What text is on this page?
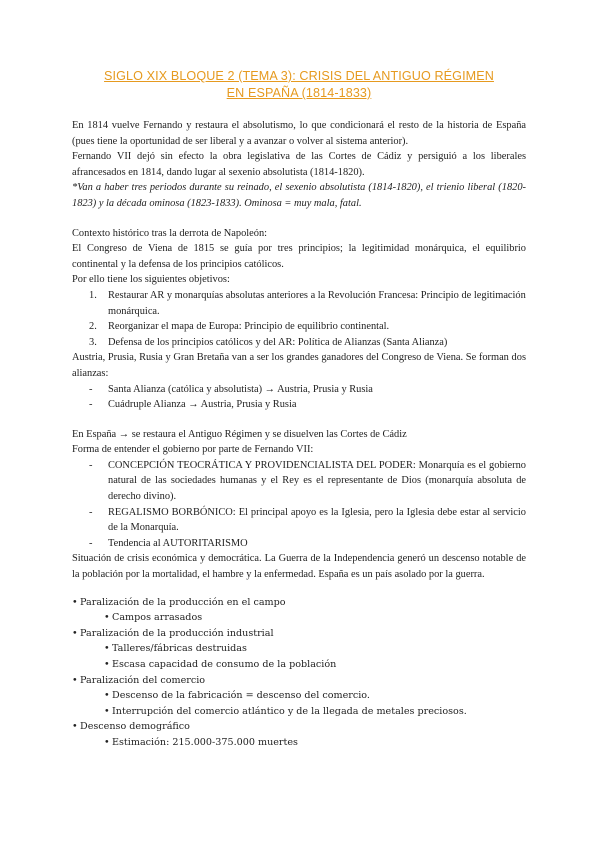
SIGLO XIX BLOQUE 2 (TEMA 3): CRISIS DEL ANTIGUO RÉGIMEN
EN ESPAÑA (1814-1833)

En 1814 vuelve Fernando y restaura el absolutismo, lo que condicionará el resto de la historia de España (pues tiene la oportunidad de ser liberal y a avanzar o volver al sistema anterior).

Fernando VII dejó sin efecto la obra legislativa de las Cortes de Cádiz y persiguió a los liberales afrancesados en 1814, dando lugar al sexenio absolutista (1814-1820).

*Van a haber tres periodos durante su reinado, el sexenio absolutista (1814-1820), el trienio liberal (1820-1823) y la década ominosa (1823-1833). Ominosa = muy mala, fatal.

Contexto histórico tras la derrota de Napoleón:

El Congreso de Viena de 1815 se guía por tres principios; la legitimidad monárquica, el equilibrio continental y la defensa de los principios católicos.

Por ello tiene los siguientes objetivos:

1. Restaurar AR y monarquías absolutas anteriores a la Revolución Francesa: Principio de legitimación monárquica.
2. Reorganizar el mapa de Europa: Principio de equilibrio continental.
3. Defensa de los principios católicos y del AR: Política de Alianzas (Santa Alianza)

Austria, Prusia, Rusia y Gran Bretaña van a ser los grandes ganadores del Congreso de Viena. Se forman dos alianzas:

- Santa Alianza (católica y absolutista) → Austria, Prusia y Rusia
- Cuádruple Alianza → Austria, Prusia y Rusia

En España → se restaura el Antiguo Régimen y se disuelven las Cortes de Cádiz

Forma de entender el gobierno por parte de Fernando VII:

- CONCEPCIÓN TEOCRÁTICA Y PROVIDENCIALISTA DEL PODER: Monarquía es el gobierno natural de las sociedades humanas y el Rey es el representante de Dios (monarquía absoluta de derecho divino).
- REGALISMO BORBÓNICO: El principal apoyo es la Iglesia, pero la Iglesia debe estar al servicio de la Monarquía.
- Tendencia al AUTORITARISMO

Situación de crisis económica y democrática. La Guerra de la Independencia generó un descenso notable de la población por la mortalidad, el hambre y la enfermedad. España es un país asolado por la guerra.

• Paralización de la producción en el campo
• Campos arrasados
• Paralización de la producción industrial
• Talleres/fábricas destruidas
• Escasa capacidad de consumo de la población
• Paralización del comercio
• Descenso de la fabricación = descenso del comercio.
• Interrupción del comercio atlántico y de la llegada de metales preciosos.
• Descenso demográfico
• Estimación: 215.000-375.000 muertes
